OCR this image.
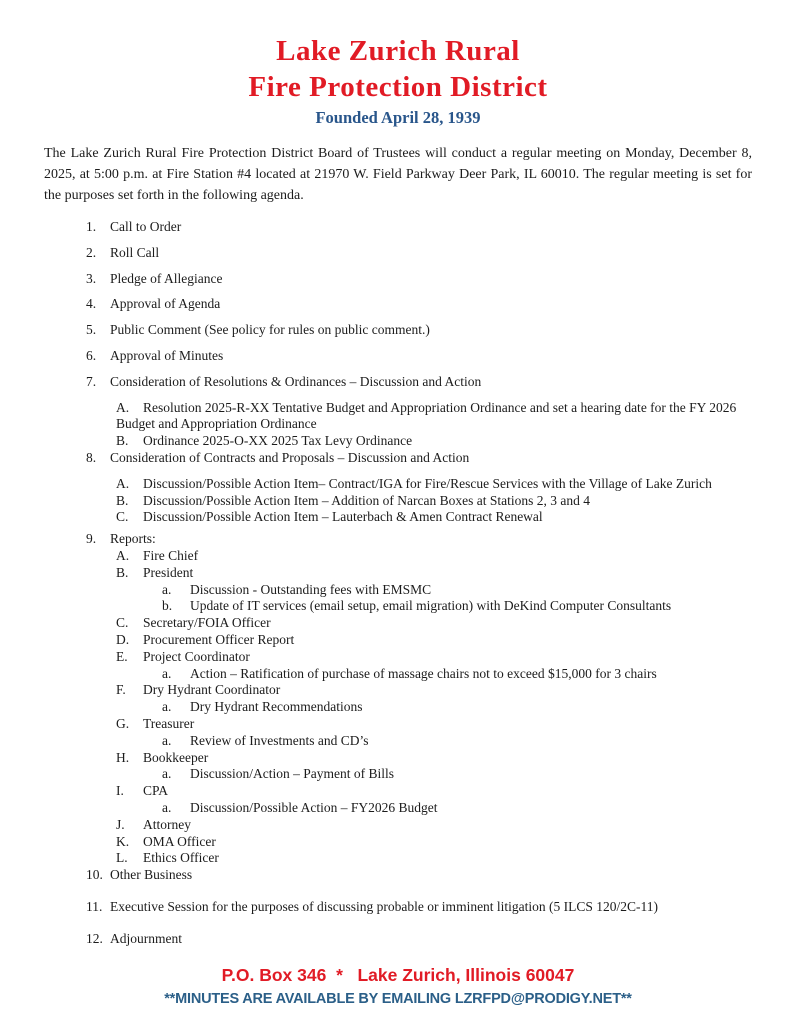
Lake Zurich Rural
Fire Protection District
Founded April 28, 1939

The Lake Zurich Rural Fire Protection District Board of Trustees will conduct a regular meeting on Monday, December 8, 2025, at 5:00 p.m. at Fire Station #4 located at 21970 W. Field Parkway Deer Park, IL 60010. The regular meeting is set for the purposes set forth in the following agenda.

1. Call to Order
2. Roll Call
3. Pledge of Allegiance
4. Approval of Agenda
5. Public Comment (See policy for rules on public comment.)
6. Approval of Minutes
7. Consideration of Resolutions & Ordinances – Discussion and Action
A. Resolution 2025-R-XX Tentative Budget and Appropriation Ordinance and set a hearing date for the FY 2026 Budget and Appropriation Ordinance
B. Ordinance 2025-O-XX 2025 Tax Levy Ordinance
8. Consideration of Contracts and Proposals – Discussion and Action
A. Discussion/Possible Action Item– Contract/IGA for Fire/Rescue Services with the Village of Lake Zurich
B. Discussion/Possible Action Item – Addition of Narcan Boxes at Stations 2, 3 and 4
C. Discussion/Possible Action Item – Lauterbach & Amen Contract Renewal
9. Reports:
A. Fire Chief
B. President
a. Discussion - Outstanding fees with EMSMC
b. Update of IT services (email setup, email migration) with DeKind Computer Consultants
C. Secretary/FOIA Officer
D. Procurement Officer Report
E. Project Coordinator
a. Action – Ratification of purchase of massage chairs not to exceed $15,000 for 3 chairs
F. Dry Hydrant Coordinator
a. Dry Hydrant Recommendations
G. Treasurer
a. Review of Investments and CD’s
H. Bookkeeper
a. Discussion/Action – Payment of Bills
I. CPA
a. Discussion/Possible Action – FY2026 Budget
J. Attorney
K. OMA Officer
L. Ethics Officer
10. Other Business
11. Executive Session for the purposes of discussing probable or imminent litigation (5 ILCS 120/2C-11)
12. Adjournment
P.O. Box 346  *   Lake Zurich, Illinois 60047
**MINUTES ARE AVAILABLE BY EMAILING LZRFPD@PRODIGY.NET**
